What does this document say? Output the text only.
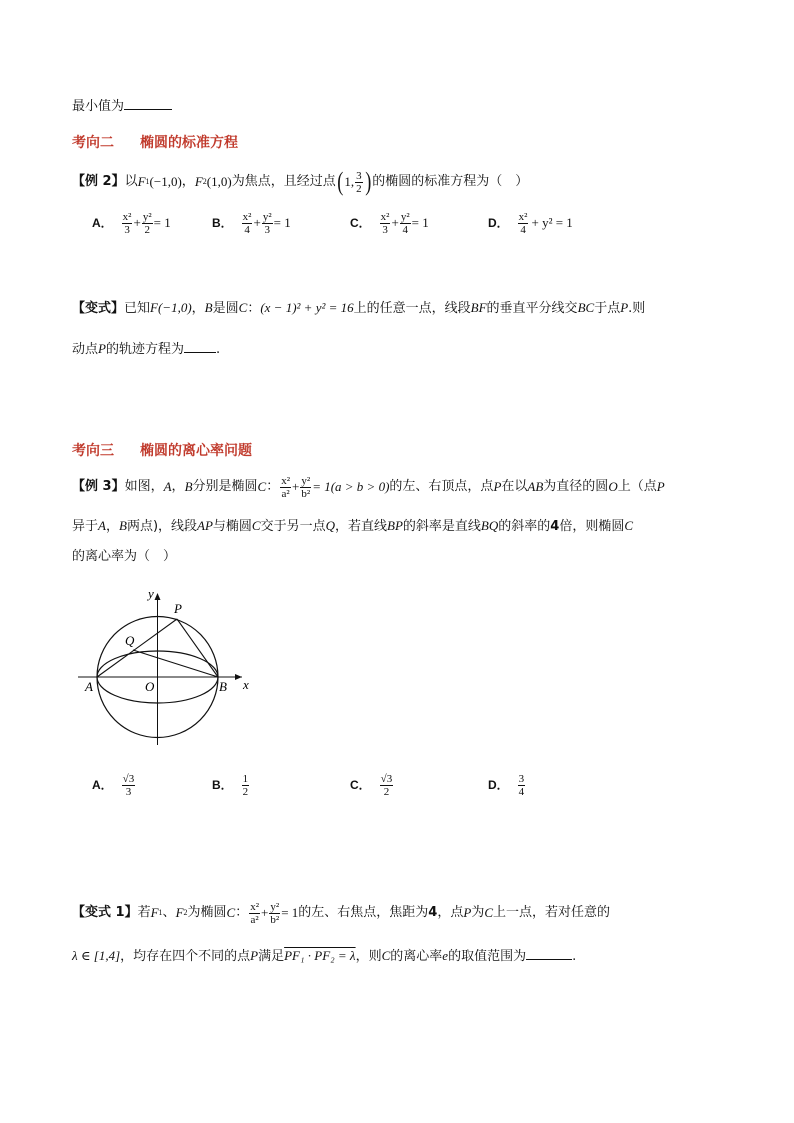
最小值为
考向二 椭圆的标准方程
【例 2】 以 F 1 (−1,0) ， F 2 (1,0) 为焦点，且经过点 ( 1, $\frac{3}{2}$ ) 的椭圆的标准方程为（　）
A． $\frac{\text{x²}}{3} + \frac{\text{y²}}{2} = 1$	B． $\frac{\text{x²}}{4} + \frac{\text{y²}}{3} = 1$	C． $\frac{\text{x²}}{3} + \frac{\text{y²}}{4} = 1$	D． $\frac{\text{x²}}{4} + y^2 = 1$
【变式】已知F(−1,0)，B是圆C：(x − 1)² + y² = 16上的任意一点，线段BF的垂直平分线交BC于点P.则
动点P的轨迹方程为 .
考向三 椭圆的离心率问题
【例 3】 如图， A ， B 分别是椭圆 C ： $\frac{\text{x²}}{\text{a²}} + \frac{\text{y²}}{\text{b²}} = 1(a > b > 0)$ 的左、右顶点，点 P 在以 AB 为直径的圆 O 上（点 P
异于A，B两点)，线段AP与椭圆C交于另一点Q，若直线BP的斜率是直线BQ的斜率的4倍，则椭圆C
的离心率为（　）
y
P
Q
A	O	B x
A． $\frac{√3}{3}$	B． $\frac{1}{2}$	C． $\frac{√3}{2}$	D． $\frac{3}{4}$
【变式 1】 若 F 1 、 F 2 为椭圆 C ： $\frac{\text{x²}}{\text{a²}} + \frac{\text{y²}}{\text{b²}} = 1$ 的左、右焦点，焦距为 4 ，点 P 为 C 上一点，若对任意的
λ ∈ [1,4]，均存在四个不同的点P满足PF₁ · PF₂ = λ，则C的离心率e的取值范围为	.
